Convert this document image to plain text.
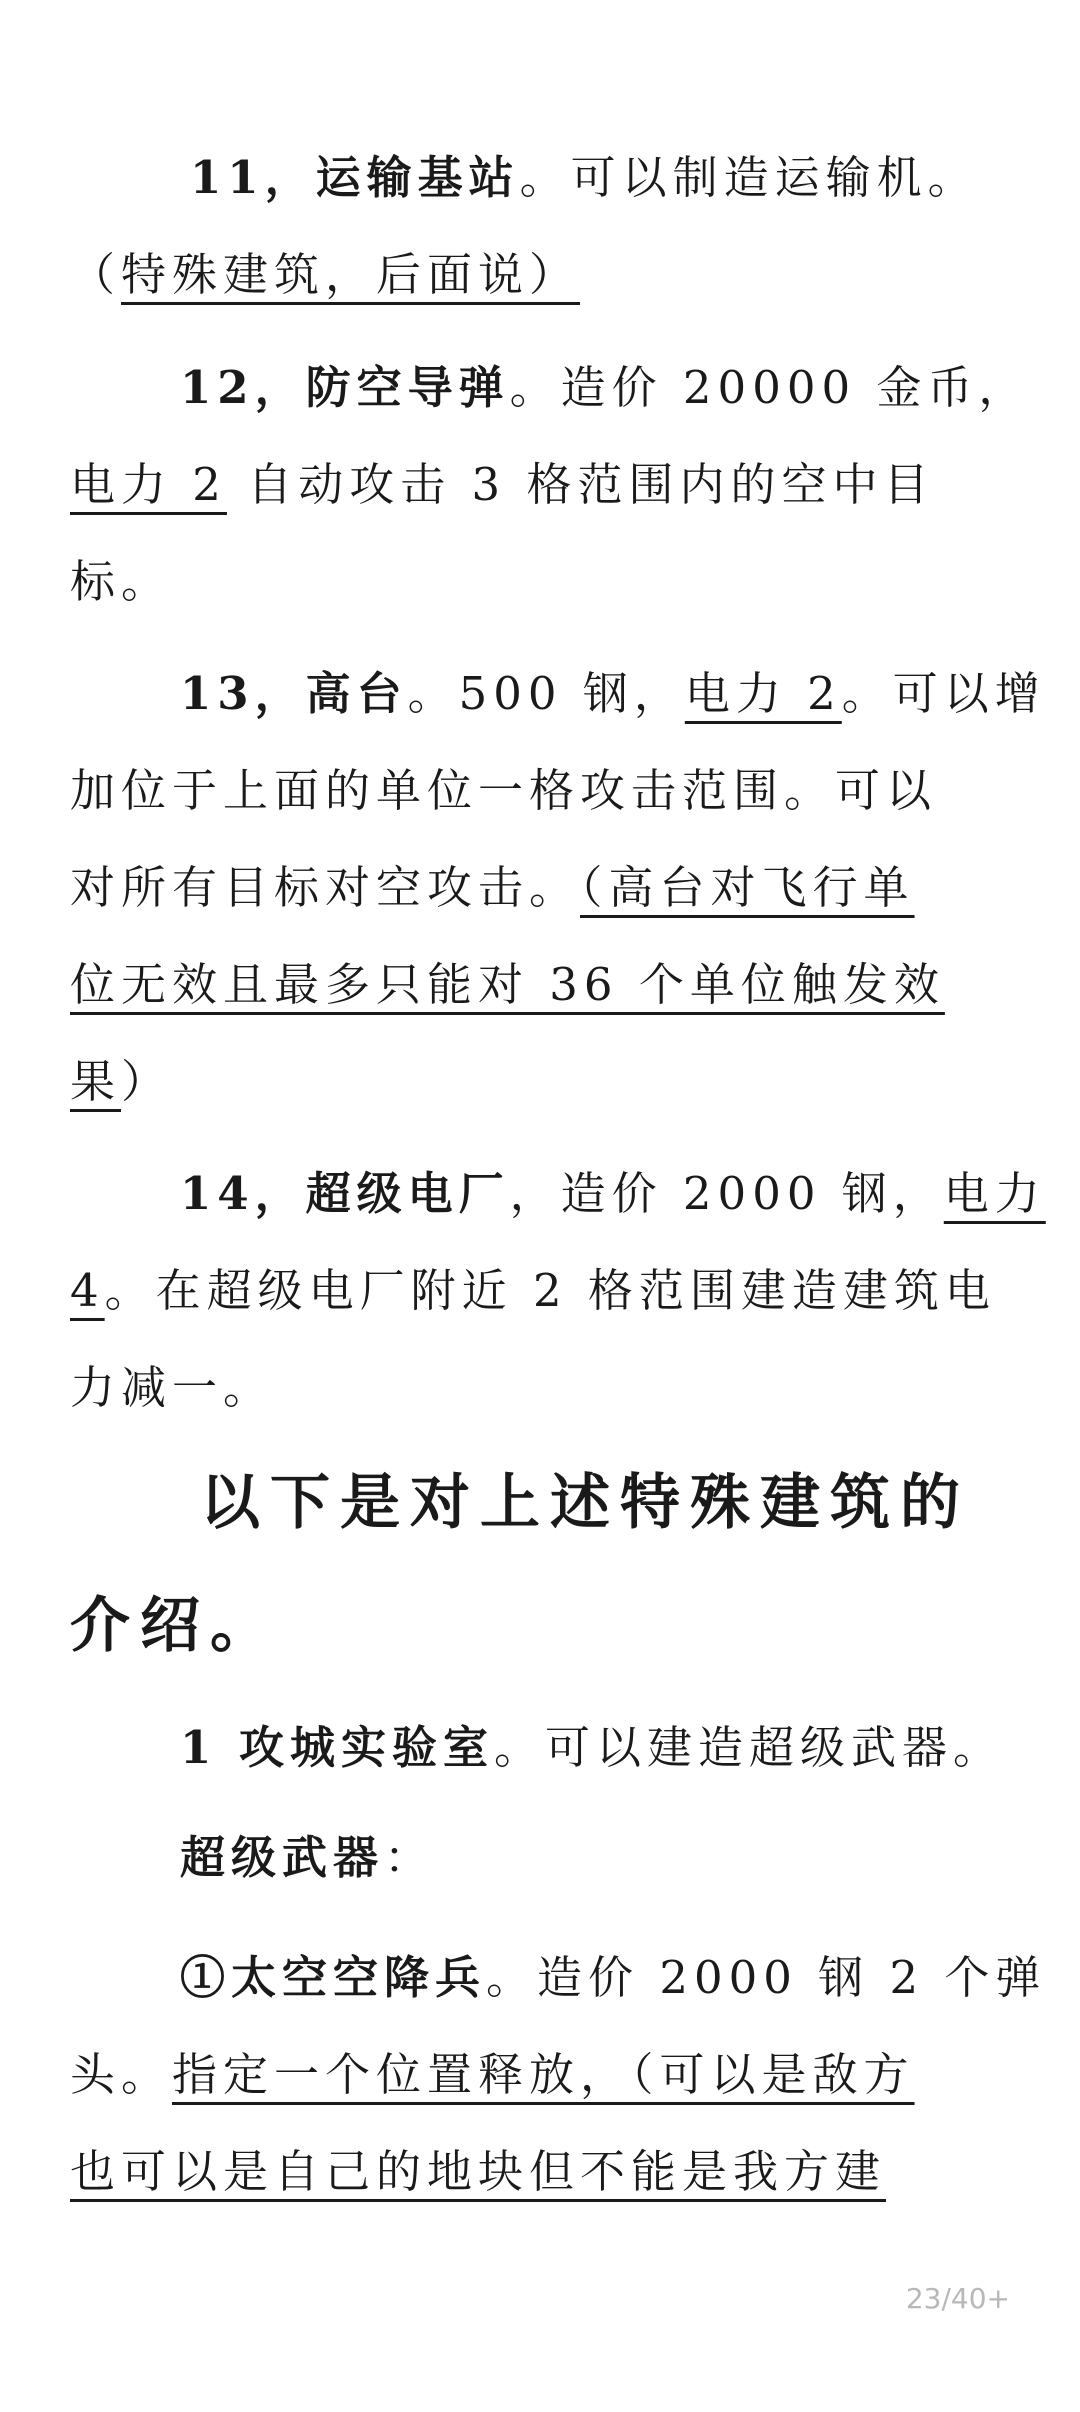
11，运输基站。可以制造运输机。
（特殊建筑，后面说）
12，防空导弹。造价 20000 金币，
电力 2 自动攻击 3 格范围内的空中目
标。
13，高台。500 钢，电力 2。可以增
加位于上面的单位一格攻击范围。可以
对所有目标对空攻击。（高台对飞行单
位无效且最多只能对 36 个单位触发效
果）
14，超级电厂，造价 2000 钢，电力
4。在超级电厂附近 2 格范围建造建筑电
力减一。
1 攻城实验室。可以建造超级武器。
超级武器：
①太空空降兵。造价 2000 钢 2 个弹
头。指定一个位置释放，（可以是敌方
也可以是自己的地块但不能是我方建
以下是对上述特殊建筑的
介绍。
23/40+
